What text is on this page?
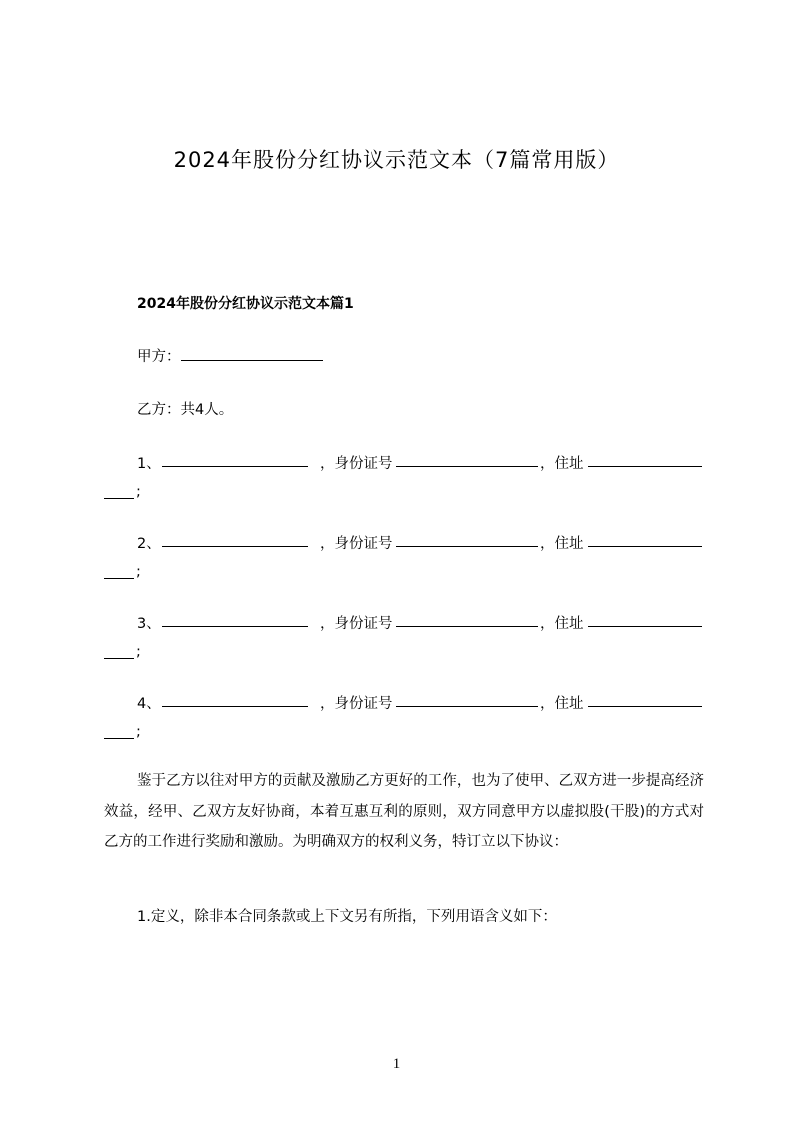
2024年股份分红协议示范文本（7篇常用版）
2024年股份分红协议示范文本篇1
甲方：
乙方：共4人。
1、	，身份证号	，住址
;
2、	，身份证号	，住址
;
3、	，身份证号	，住址
;
4、	，身份证号	，住址
;
鉴于乙方以往对甲方的贡献及激励乙方更好的工作，也为了使甲、乙双方进一步提高经济效益，经甲、乙双方友好协商，本着互惠互利的原则，双方同意甲方以虚拟股(干股)的方式对乙方的工作进行奖励和激励。为明确双方的权利义务，特订立以下协议：
1.定义，除非本合同条款或上下文另有所指，下列用语含义如下：
1
